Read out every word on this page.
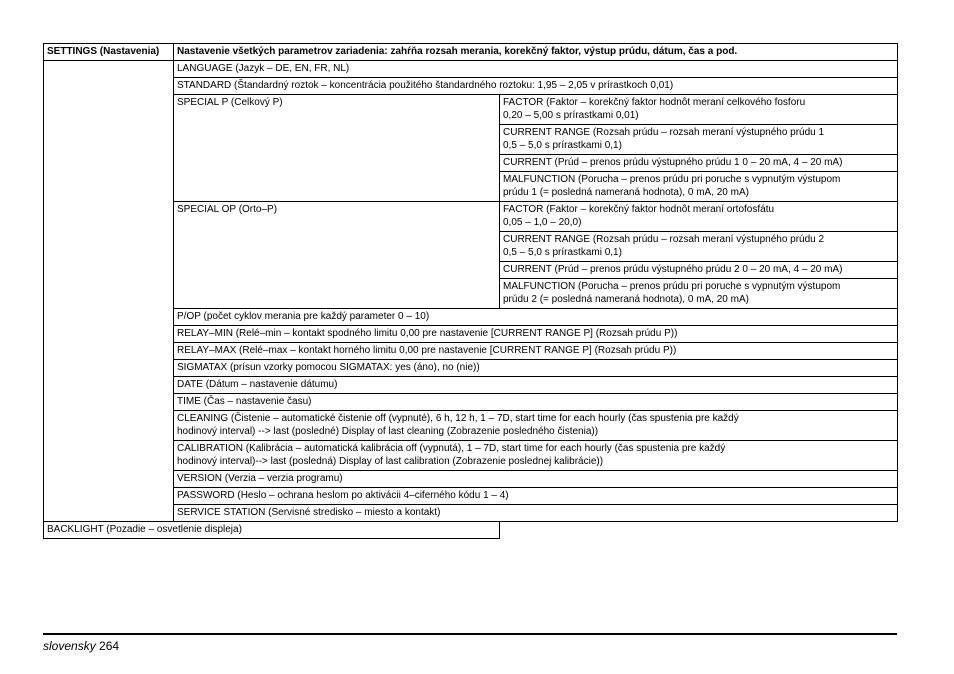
SETTINGS (Nastavenia)	Nastavenie všetkých parametrov zariadenia: zahŕňa rozsah merania, korekčný faktor, výstup prúdu, dátum, čas a pod.	
	LANGUAGE (Jazyk – DE, EN, FR, NL)	
	STANDARD (Štandardný roztok – koncentrácia použitého štandardného roztoku: 1,95 – 2,05 v prírastkoch 0,01)	
	SPECIAL P (Celkový P)	FACTOR (Faktor – korekčný faktor hodnôt meraní celkového fosforu
0,20 – 5,00 s prírastkami 0,01)
		CURRENT RANGE (Rozsah prúdu – rozsah meraní výstupného prúdu 1
0,5 – 5,0 s prírastkami 0,1)
		CURRENT (Prúd – prenos prúdu výstupného prúdu 1 0 – 20 mA, 4 – 20 mA)
		MALFUNCTION (Porucha – prenos prúdu pri poruche s vypnutým výstupom
prúdu 1 (= posledná nameraná hodnota), 0 mA, 20 mA)
	SPECIAL OP (Orto–P)	FACTOR (Faktor – korekčný faktor hodnôt meraní ortofosfátu
0,05 – 1,0 – 20,0)
		CURRENT RANGE (Rozsah prúdu – rozsah meraní výstupného prúdu 2
0,5 – 5,0 s prírastkami 0,1)
		CURRENT (Prúd – prenos prúdu výstupného prúdu 2 0 – 20 mA, 4 – 20 mA)
		MALFUNCTION (Porucha – prenos prúdu pri poruche s vypnutým výstupom
prúdu 2 (= posledná nameraná hodnota), 0 mA, 20 mA)
	P/OP (počet cyklov merania pre každý parameter 0 – 10)	
	RELAY–MIN (Relé–min – kontakt spodného limitu 0,00 pre nastavenie [CURRENT RANGE P] (Rozsah prúdu P))	
	RELAY–MAX (Relé–max – kontakt horného limitu 0,00 pre nastavenie [CURRENT RANGE P] (Rozsah prúdu P))	
	SIGMATAX (prísun vzorky pomocou SIGMATAX: yes (áno), no (nie))	
	DATE (Dátum – nastavenie dátumu)	
	TIME (Čas – nastavenie času)	
	CLEANING (Čistenie – automatické čistenie off (vypnuté), 6 h, 12 h, 1 – 7D, start time for each hourly (čas spustenia pre každý
hodinový interval) --> last (posledné) Display of last cleaning (Zobrazenie posledného čistenia))	
	CALIBRATION (Kalibrácia – automatická kalibrácia off (vypnutá), 1 – 7D, start time for each hourly (čas spustenia pre každý
hodinový interval)--> last (posledná) Display of last calibration (Zobrazenie poslednej kalibrácie))	
	VERSION (Verzia – verzia programu)	
	PASSWORD (Heslo – ochrana heslom po aktivácii 4–ciferného kódu 1 – 4)	
	SERVICE STATION (Servisné stredisko – miesto a kontakt)	
BACKLIGHT (Pozadie – osvetlenie displeja)		
slovensky 264
